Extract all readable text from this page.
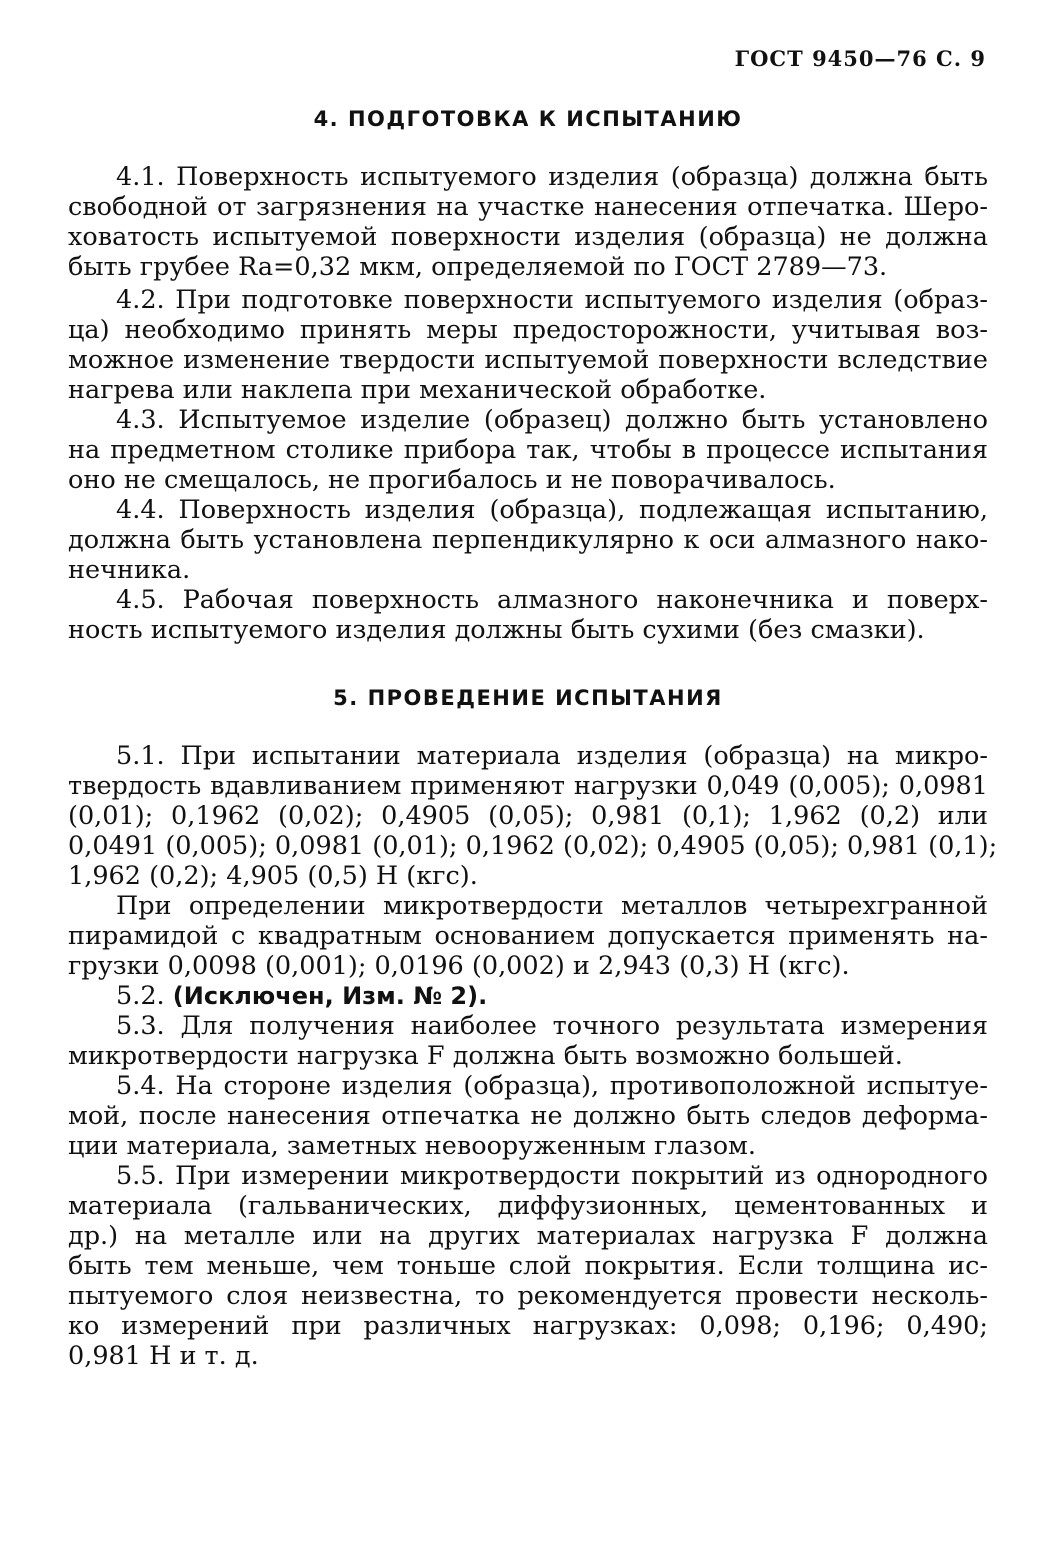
ГОСТ 9450—76 С. 9
4. ПОДГОТОВКА К ИСПЫТАНИЮ
4.1. Поверхность испытуемого изделия (образца) должна быть
свободной от загрязнения на участке нанесения отпечатка. Шеро-
ховатость испытуемой поверхности изделия (образца) не должна
быть грубее Ra=0,32 мкм, определяемой по ГОСТ 2789—73.
4.2. При подготовке поверхности испытуемого изделия (образ-
ца) необходимо принять меры предосторожности, учитывая воз-
можное изменение твердости испытуемой поверхности вследствие
нагрева или наклепа при механической обработке.
4.3. Испытуемое изделие (образец) должно быть установлено
на предметном столике прибора так, чтобы в процессе испытания
оно не смещалось, не прогибалось и не поворачивалось.
4.4. Поверхность изделия (образца), подлежащая испытанию,
должна быть установлена перпендикулярно к оси алмазного нако-
нечника.
4.5. Рабочая поверхность алмазного наконечника и поверх-
ность испытуемого изделия должны быть сухими (без смазки).
5. ПРОВЕДЕНИЕ ИСПЫТАНИЯ
5.1. При испытании материала изделия (образца) на микро-
твердость вдавливанием применяют нагрузки 0,049 (0,005); 0,0981
(0,01); 0,1962 (0,02); 0,4905 (0,05); 0,981 (0,1); 1,962 (0,2) или
0,0491 (0,005); 0,0981 (0,01); 0,1962 (0,02); 0,4905 (0,05); 0,981 (0,1);
1,962 (0,2); 4,905 (0,5) Н (кгс).
При определении микротвердости металлов четырехгранной
пирамидой с квадратным основанием допускается применять на-
грузки 0,0098 (0,001); 0,0196 (0,002) и 2,943 (0,3) Н (кгс).
5.2. (Исключен, Изм. № 2).
5.3. Для получения наиболее точного результата измерения
микротвердости нагрузка F должна быть возможно большей.
5.4. На стороне изделия (образца), противоположной испытуе-
мой, после нанесения отпечатка не должно быть следов деформа-
ции материала, заметных невооруженным глазом.
5.5. При измерении микротвердости покрытий из однородного
материала (гальванических, диффузионных, цементованных и
др.) на металле или на других материалах нагрузка F должна
быть тем меньше, чем тоньше слой покрытия. Если толщина ис-
пытуемого слоя неизвестна, то рекомендуется провести несколь-
ко измерений при различных нагрузках: 0,098; 0,196; 0,490;
0,981 Н и т. д.
